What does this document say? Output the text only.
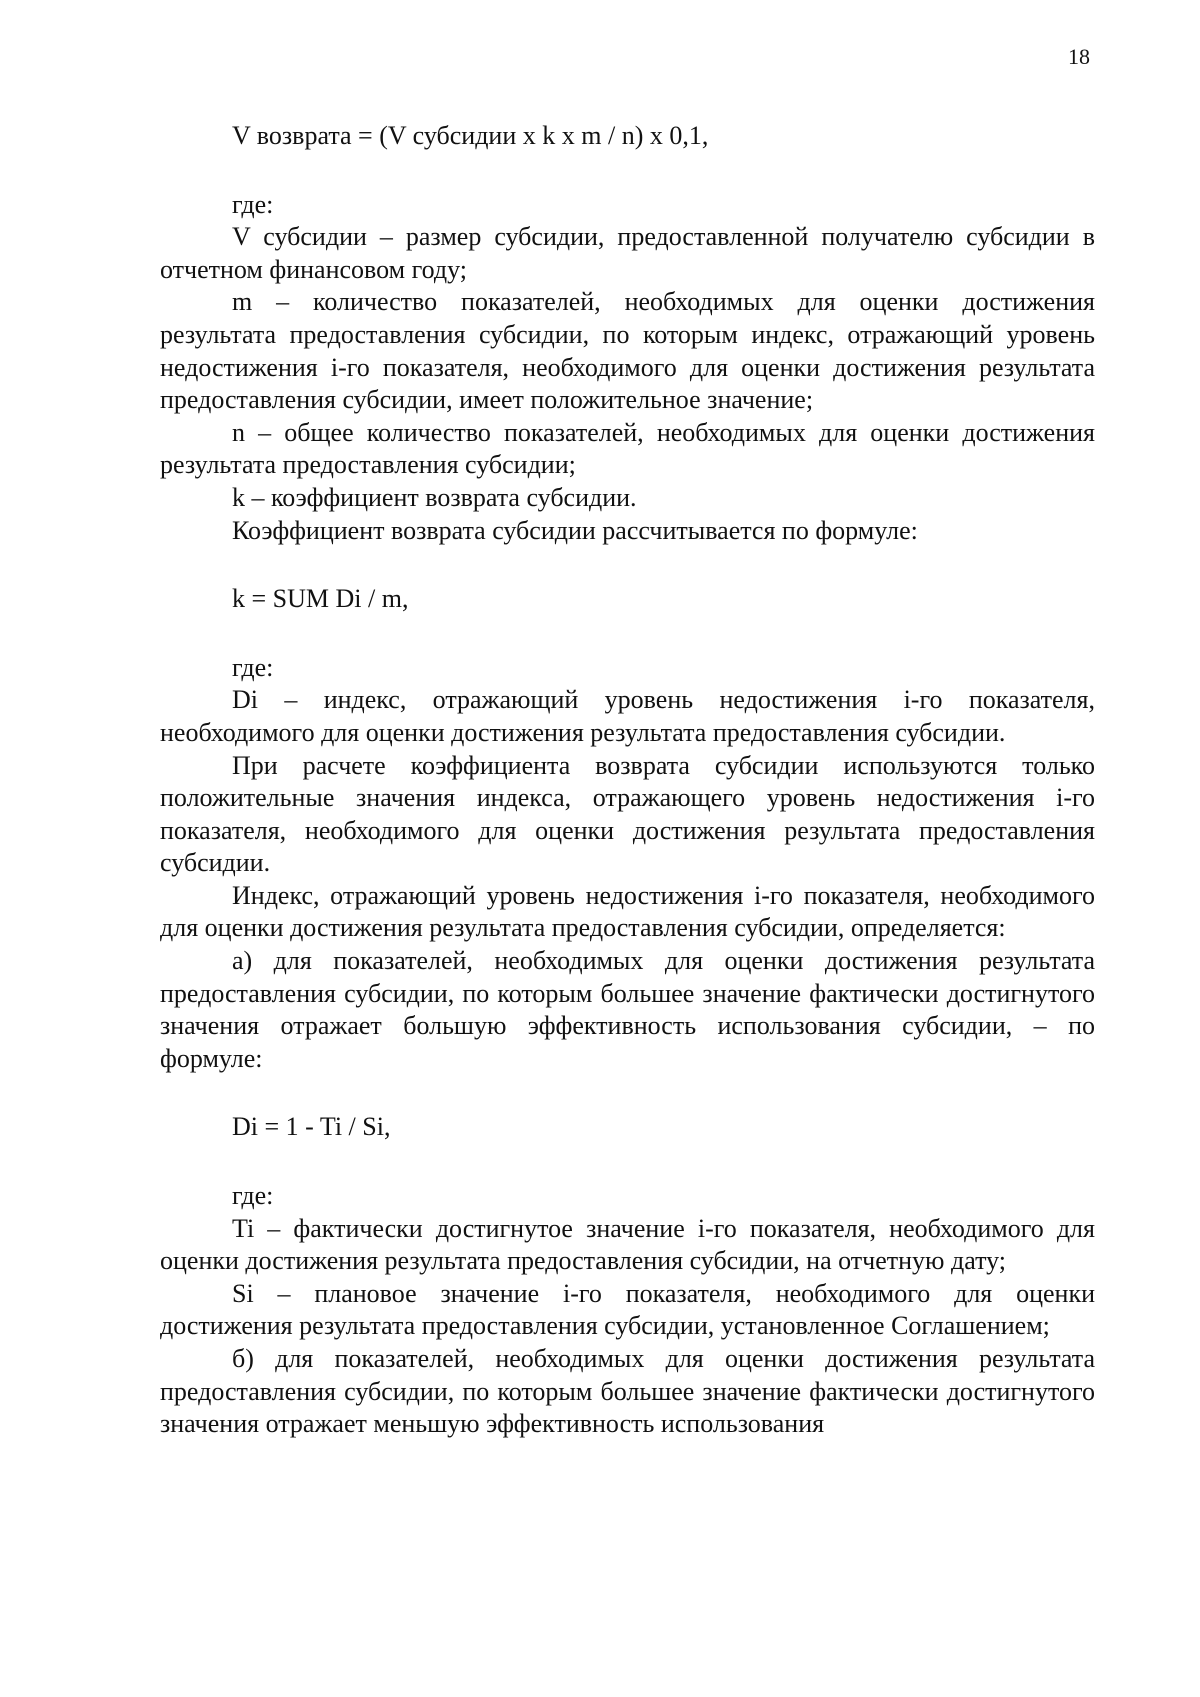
18

V возврата = (V субсидии x k x m / n) x 0,1,

где:

V субсидии – размер субсидии, предоставленной получателю субсидии в отчетном финансовом году;

m – количество показателей, необходимых для оценки достижения результата предоставления субсидии, по которым индекс, отражающий уровень недостижения i-го показателя, необходимого для оценки достижения результата предоставления субсидии, имеет положительное значение;

n – общее количество показателей, необходимых для оценки достижения результата предоставления субсидии;

k – коэффициент возврата субсидии.

Коэффициент возврата субсидии рассчитывается по формуле:

k = SUM Di / m,

где:

Di – индекс, отражающий уровень недостижения i-го показателя, необходимого для оценки достижения результата предоставления субсидии.

При расчете коэффициента возврата субсидии используются только положительные значения индекса, отражающего уровень недостижения i-го показателя, необходимого для оценки достижения результата предоставления субсидии.

Индекс, отражающий уровень недостижения i-го показателя, необходимого для оценки достижения результата предоставления субсидии, определяется:

а) для показателей, необходимых для оценки достижения результата предоставления субсидии, по которым большее значение фактически достигнутого значения отражает большую эффективность использования субсидии, – по формуле:

Di = 1 - Ti / Si,

где:

Ti – фактически достигнутое значение i-го показателя, необходимого для оценки достижения результата предоставления субсидии, на отчетную дату;

Si – плановое значение i-го показателя, необходимого для оценки достижения результата предоставления субсидии, установленное Соглашением;

б) для показателей, необходимых для оценки достижения результата предоставления субсидии, по которым большее значение фактически достигнутого значения отражает меньшую эффективность использования
